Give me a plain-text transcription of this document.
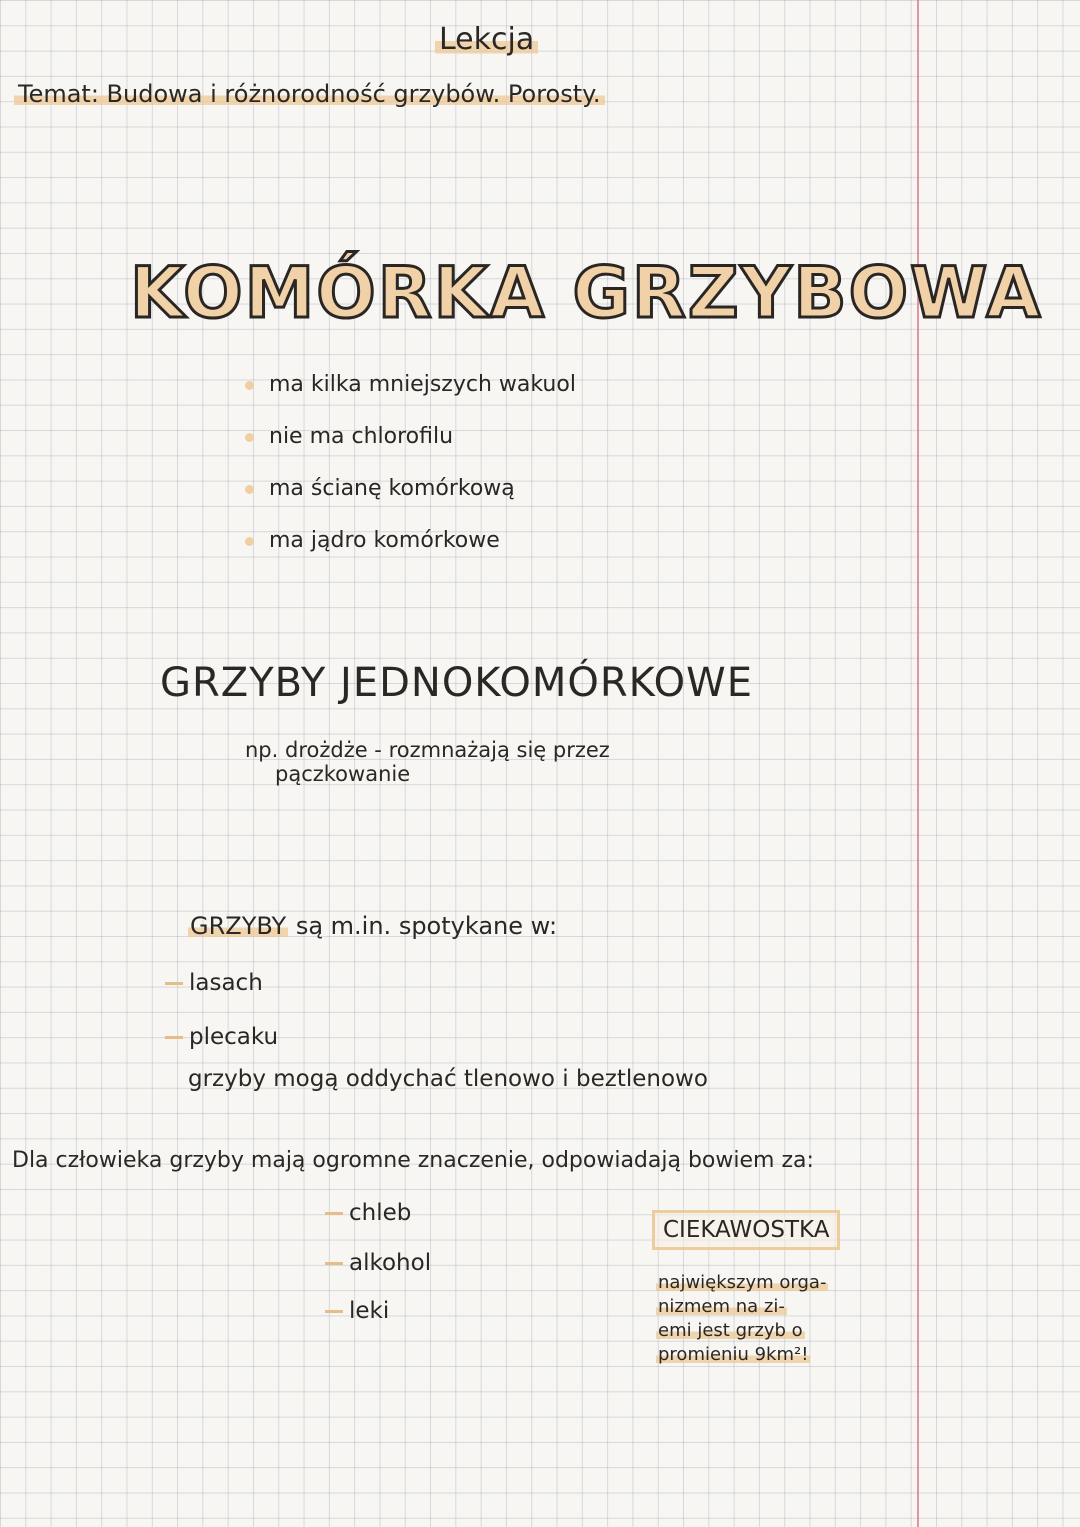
Lekcja
Temat: Budowa i różnorodność grzybów. Porosty.
KOMÓRKA GRZYBOWA
ma kilka mniejszych wakuol
nie ma chlorofilu
ma ścianę komórkową
ma jądro komórkowe
GRZYBY JEDNOKOMÓRKOWE
np. drożdże - rozmnażają się przez
pączkowanie
GRZYBY są m.in. spotykane w:
lasach
plecaku
grzyby mogą oddychać tlenowo i beztlenowo
Dla człowieka grzyby mają ogromne znaczenie, odpowiadają bowiem za:
chleb
alkohol
leki
CIEKAWOSTKA
największym orga-
nizmem na zi-
emi jest grzyb o
promieniu 9km²!
